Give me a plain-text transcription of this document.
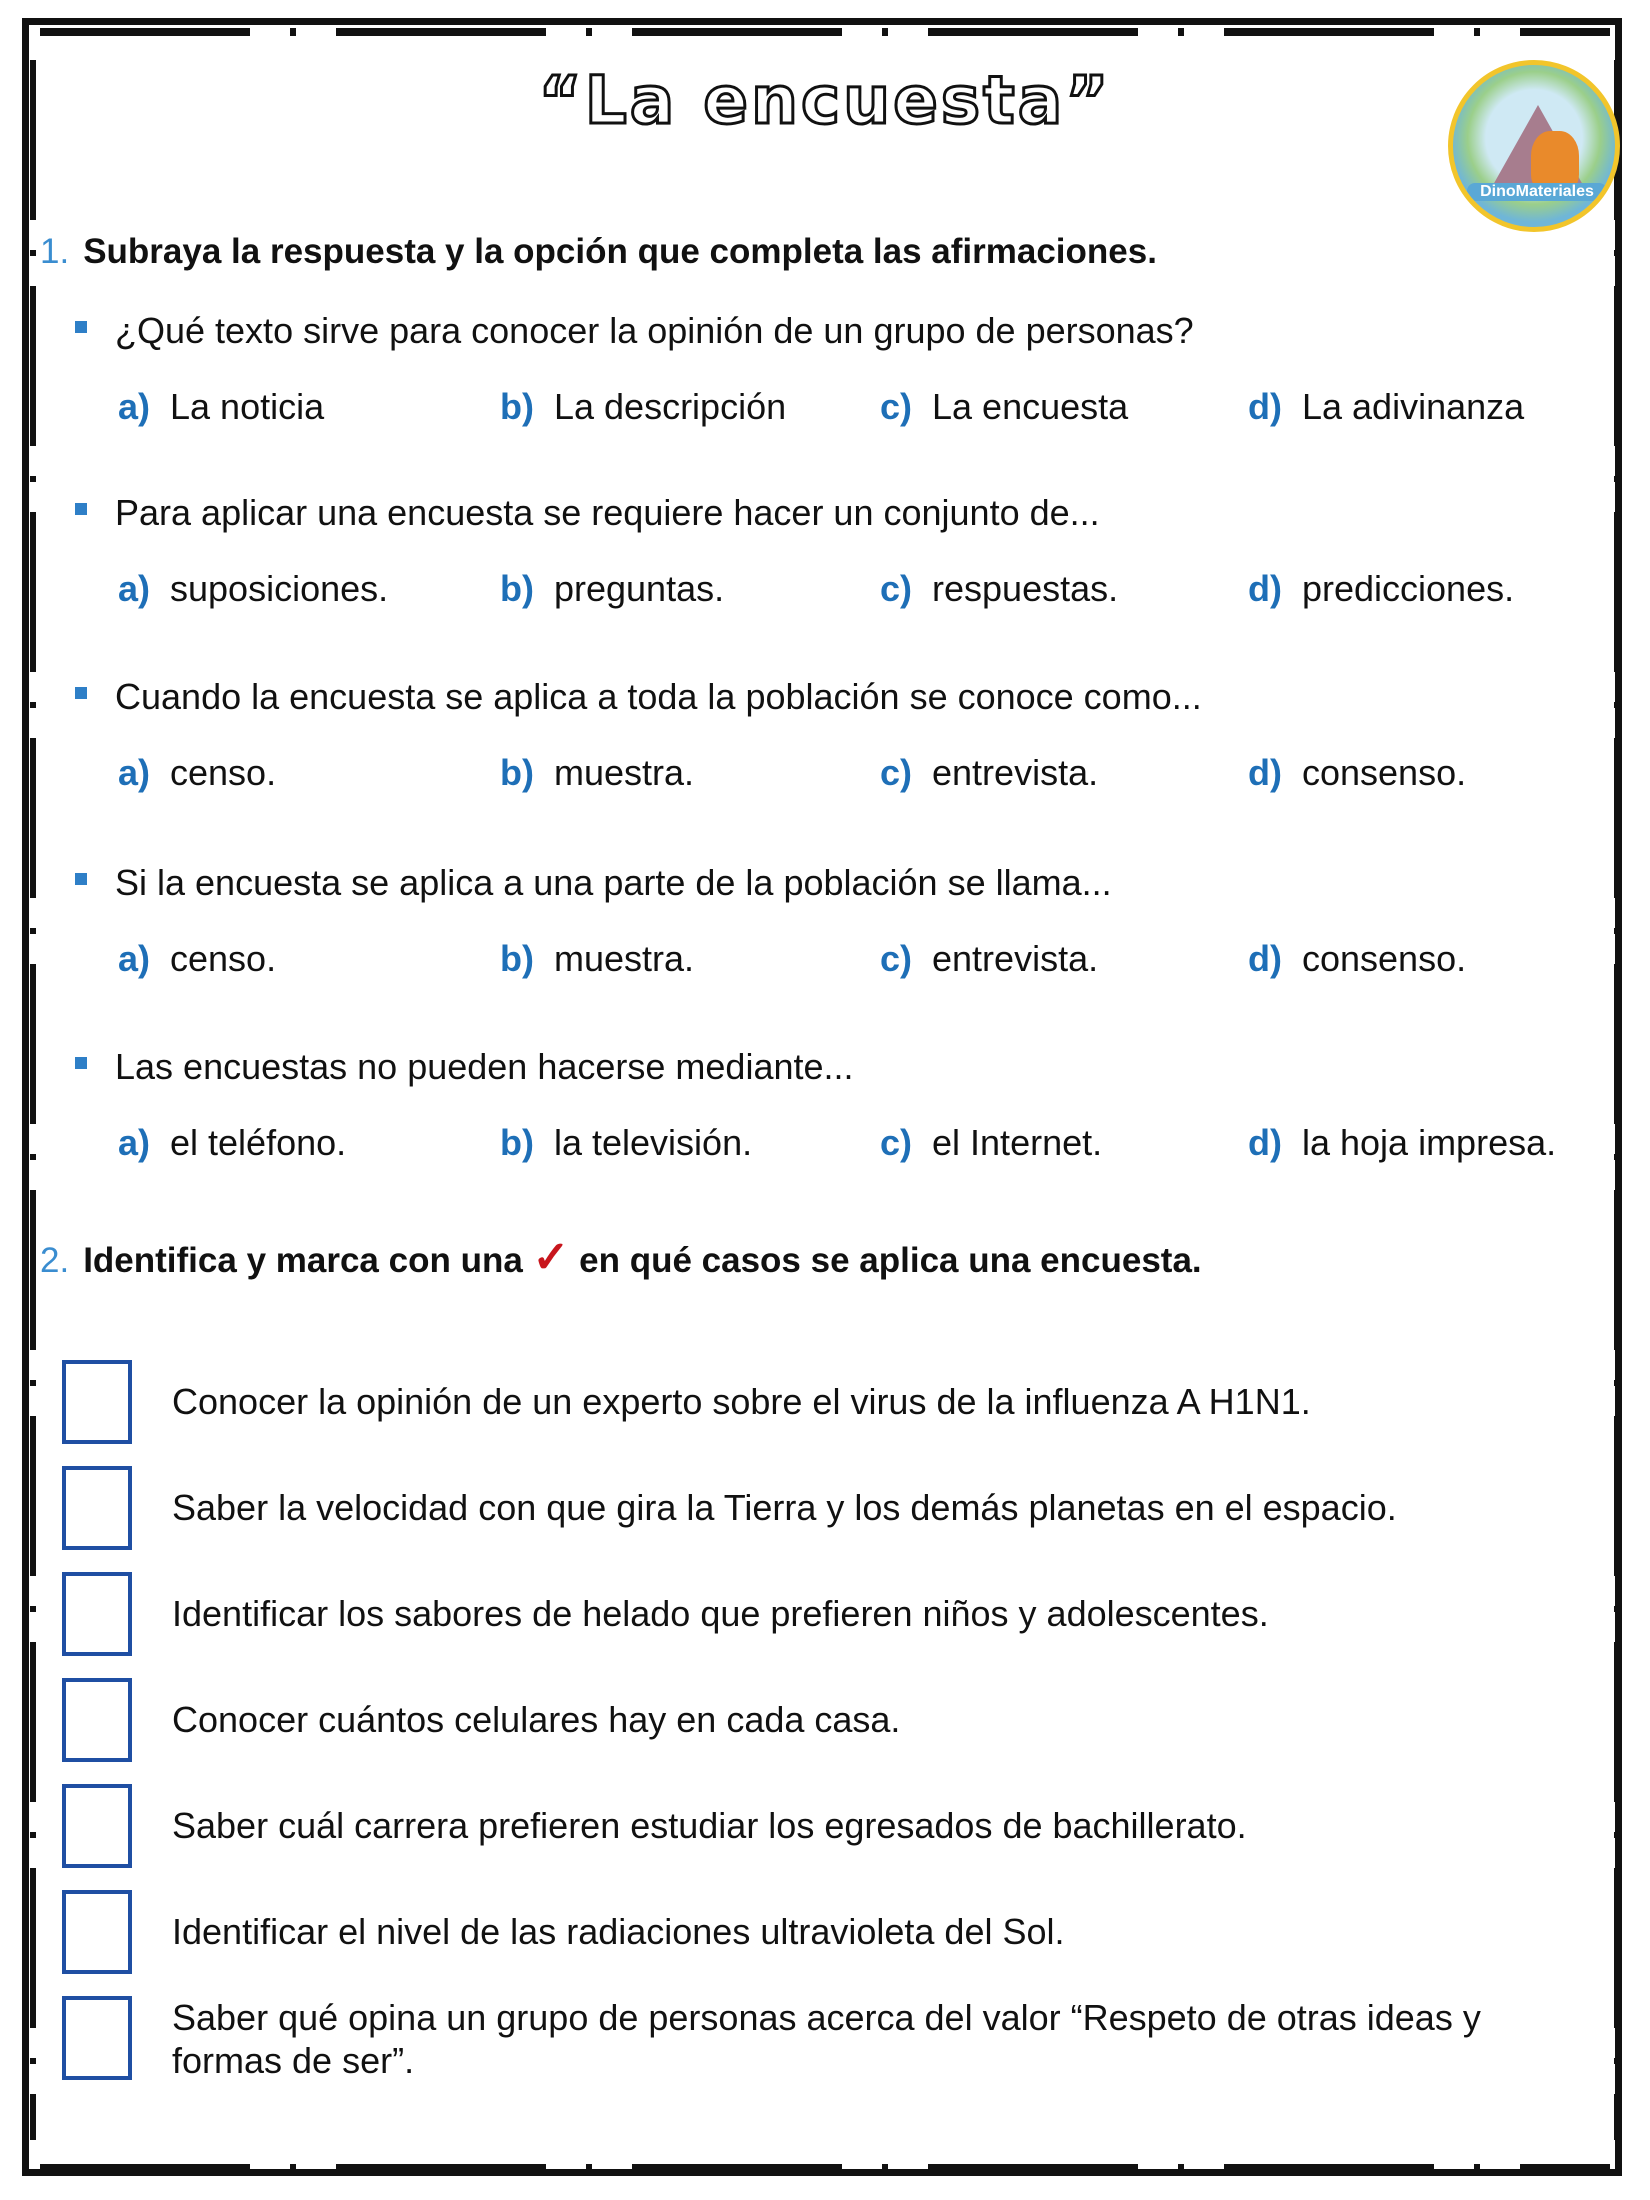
“La encuesta”
DinoMateriales
1. Subraya la respuesta y la opción que completa las afirmaciones.
¿Qué texto sirve para conocer la opinión de un grupo de personas?
a) La noticia	b) La descripción	c) La encuesta	d) La adivinanza
Para aplicar una encuesta se requiere hacer un conjunto de...
a) suposiciones.	b) preguntas.	c) respuestas.	d) predicciones.
Cuando la encuesta se aplica a toda la población se conoce como...
a) censo.	b) muestra.	c) entrevista.	d) consenso.
Si la encuesta se aplica a una parte de la población se llama...
a) censo.	b) muestra.	c) entrevista.	d) consenso.
Las encuestas no pueden hacerse mediante...
a) el teléfono.	b) la televisión.	c) el Internet.	d) la hoja impresa.
2. Identifica y marca con una ✓ en qué casos se aplica una encuesta.
Conocer la opinión de un experto sobre el virus de la influenza A H1N1.
Saber la velocidad con que gira la Tierra y los demás planetas en el espacio.
Identificar los sabores de helado que prefieren niños y adolescentes.
Conocer cuántos celulares hay en cada casa.
Saber cuál carrera prefieren estudiar los egresados de bachillerato.
Identificar el nivel de las radiaciones ultravioleta del Sol.
Saber qué opina un grupo de personas acerca del valor “Respeto de otras ideas y formas de ser”.
